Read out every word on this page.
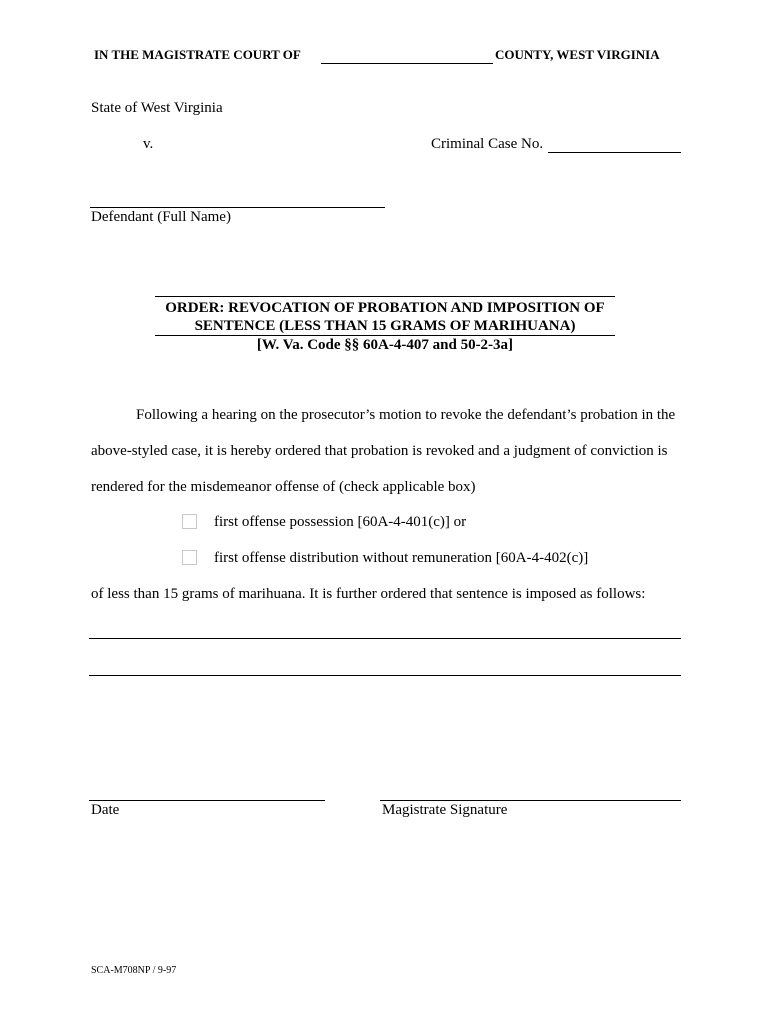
IN THE MAGISTRATE COURT OF	COUNTY, WEST VIRGINIA
State of West Virginia
v.	Criminal Case No.
Defendant (Full Name)
ORDER: REVOCATION OF PROBATION AND IMPOSITION OF
SENTENCE (LESS THAN 15 GRAMS OF MARIHUANA)
[W. Va. Code §§ 60A-4-407 and 50-2-3a]
Following a hearing on the prosecutor’s motion to revoke the defendant’s probation in the
above-styled case, it is hereby ordered that probation is revoked and a judgment of conviction is
rendered for the misdemeanor offense of (check applicable box)
first offense possession [60A-4-401(c)] or
first offense distribution without remuneration [60A-4-402(c)]
of less than 15 grams of marihuana. It is further ordered that sentence is imposed as follows:
Date	Magistrate Signature
SCA-M708NP / 9-97
